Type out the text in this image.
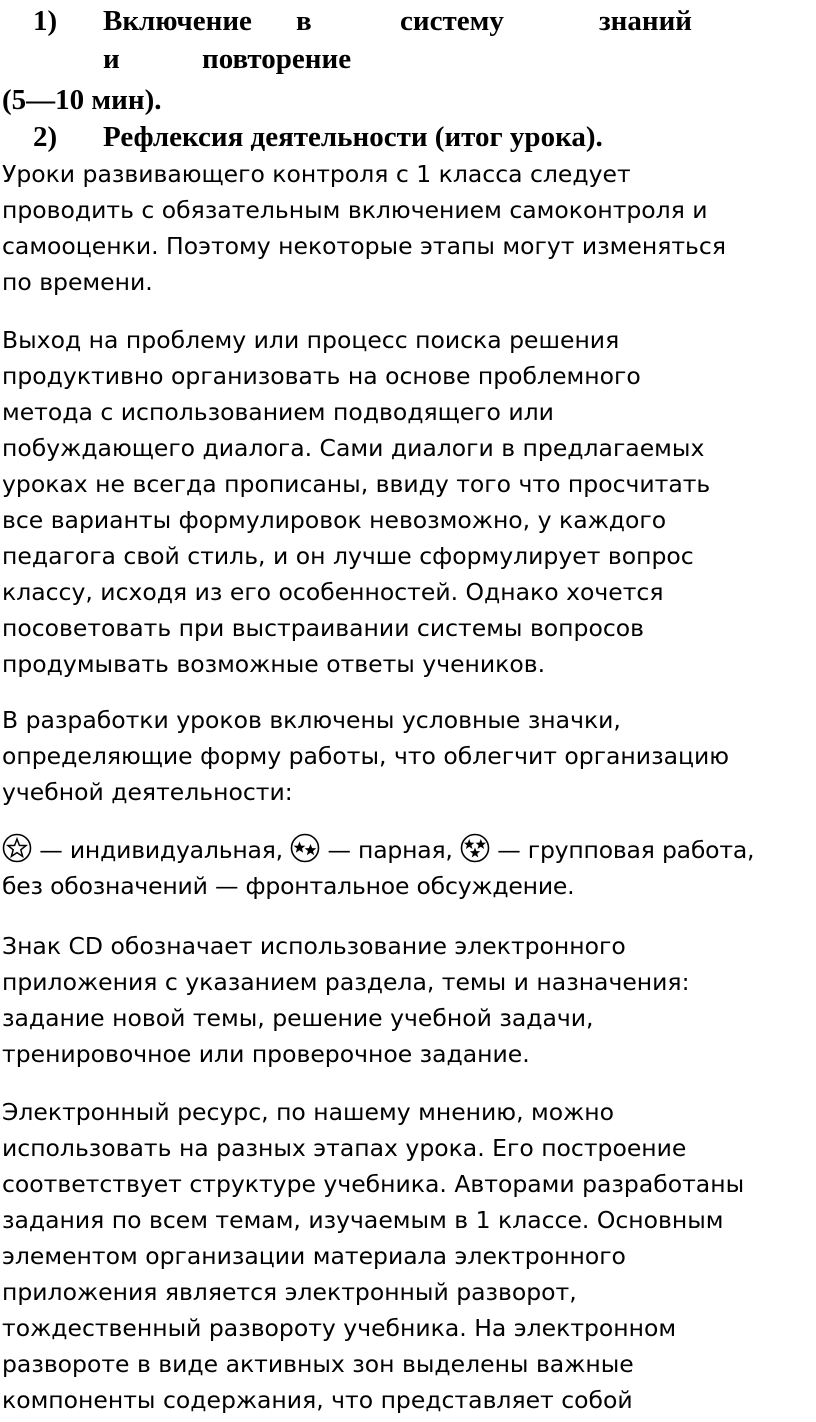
1) Включение в	систему	знаний
и	повторение
(5—10 мин).
2) Рефлексия деятельности (итог урока).

Уроки развивающего контроля с 1 класса следует
проводить с обязательным включением самоконтроля и
самооценки. Поэтому некоторые этапы могут изменяться
по времени.

Выход на проблему или процесс поиска решения
продуктивно организовать на основе проблемного
метода с использованием подводящего или
побуждающего диалога. Сами диалоги в предлагаемых
уроках не всегда прописаны, ввиду того что просчитать
все варианты формулировок невозможно, у каждого
педагога свой стиль, и он лучше сформулирует вопрос
классу, исходя из его особенностей. Однако хочется
посоветовать при выстраивании системы вопросов
продумывать возможные ответы учеников.

В разработки уроков включены условные значки,
определяющие форму работы, что облегчит организацию
учебной деятельности:

— индивидуальная,  — парная,  — групповая работа,
без обозначений — фронтальное обсуждение.

Знак CD обозначает использование электронного
приложения с указанием раздела, темы и назначения:
задание новой темы, решение учебной задачи,
тренировочное или проверочное задание.

Электронный ресурс, по нашему мнению, можно
использовать на разных этапах урока. Его построение
соответствует структуре учебника. Авторами разработаны
задания по всем темам, изучаемым в 1 классе. Основным
элементом организации материала электронного
приложения является электронный разворот,
тождественный развороту учебника. На электронном
развороте в виде активных зон выделены важные
компоненты содержания, что представляет собой
